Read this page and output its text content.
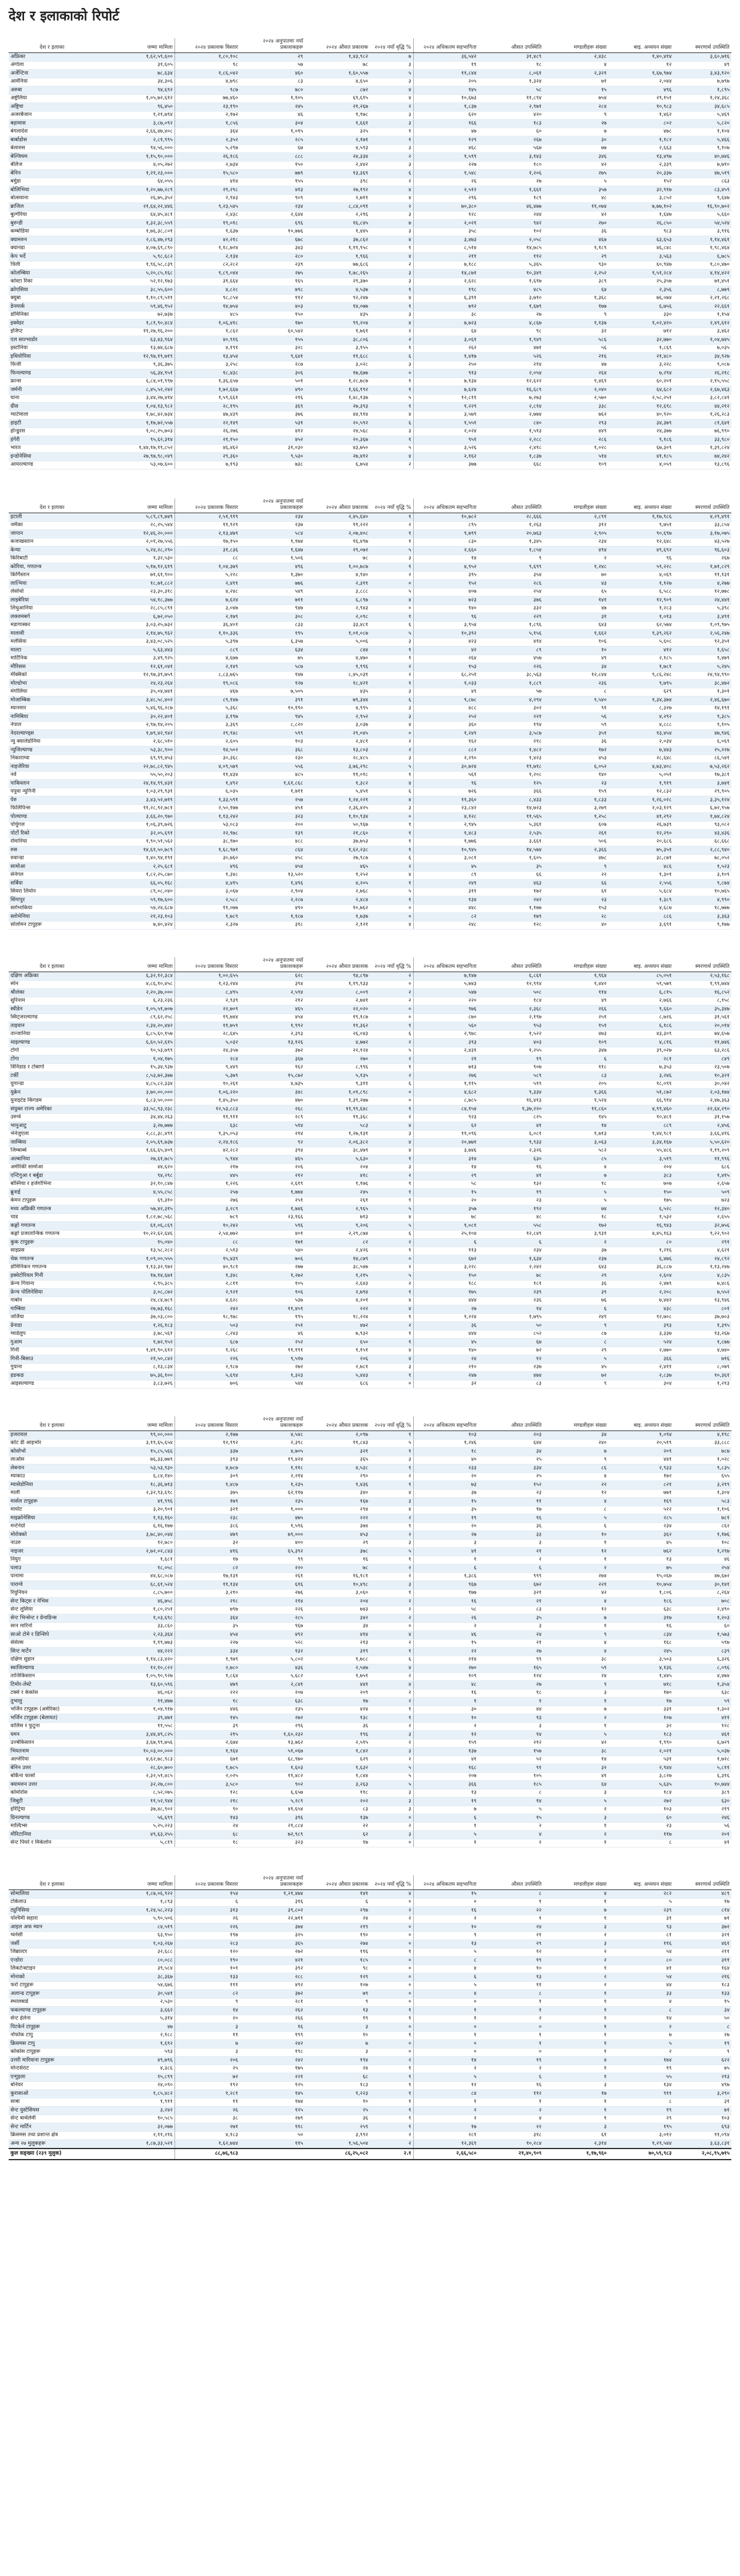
देश र इलाकाको रिपोर्ट
देश र इलाका	जम्मा मामिला	२०२४ प्रकाशक विस्तार	२०२४ अनुपातमा नयाँ प्रकाशकहरू	२०२४ औसत प्रकाशक	२०२४ नयाँ वृद्धि %	२०२४ अधिकतम सहभागिता	औसत उपस्थिति	मण्डलीहरू संख्या	बाइ. अध्ययन संख्या	स्मरणार्थ उपस्थिति
अफ्रिका	१,६२,५९,६००	१,८०,१०८	२९	१,४३,९८२	७	३६,५४२	३१,४८९	२,४३८	१,४०,४१४	३,६०,७१६
अंगोला	३१,६०५	९८	५७	७८	३	१९	१८	४	१२	४९
अर्जेन्टिना	७८,६३४	१,८६,०४२	४६०	१,६०,५५७	५	११,८४४	८,०६१	२,३२१	१,६७,९७४	३,४३,१२०
आर्मेनिया	३४,३०६	४,७९८	८३	४,६५०	३	२०५	१,३२४	७१	२,०४४	७,७९७
अरुबा	९४,६९२	९८७	७८०	८७२	४	१४५	५८	१५	४९६	१,८९५
अष्ट्रेलिया	१,०५,७२,६१२	७७,४६०	१,१०५	६९,६१५	४	१०,६७३	११,८९४	७५४	२९,१५१	१,२४,३६८
अष्ट्रिया	९६,४५०	२३,१९०	२४५	२१,२६७	२	१,८३७	२,९७१	२८४	१०,९८३	३४,६८५
अजरबैजान	१,२१,७९४	२,१७२	४६	१,९७८	३	६२०	४२०	९	१,४६२	५,४६९
बहामास	३,८७,०९२	१,८५६	३०४	१,६६१	३	१६६	१८३	२७	८०२	५,८२०
बंगलादेश	२,६६,४७,४०८	३६४	१,०१५	३२५	१	४७	६०	७	४७८	१,१०४
बार्बाडोस	२,८१,९९५	२,३५२	२८५	२,१७१	१	१२९	२६७	३०	१,१८२	५,४६६
बेलारुस	९४,५६,०००	५,२९७	६७	४,५९३	३	४६८	५६७	७७	२,६६३	९,१०७
बेल्जियम	१,१५,९०,०००	२६,१८६	८८८	२४,३३४	२	१,५९९	३,१४३	३४६	१३,४९७	४०,७४६
बेलिज	४,०५,२७२	२,७३४	१५०	२,४४२	३	२२७	१८०	४२	२,३३९	७,७१०
बेनिन	१,२१,२३,०००	१५,५८०	७७९	१३,३६९	६	१,५४८	१,२०६	२७५	२०,३३७	४७,५१९
बर्मुडा	६४,०५५	४१४	१५५	३९८	२	२६	२७	५	१५२	८६३
बोलिभिया	१,२०,७७,२८९	२९,२९८	४१३	२७,१९२	४	२,५१२	१,६६१	३५७	३२,९१७	८३,४५९
बोत्सवाना	२६,७५,३५२	२,९४३	९०९	२,७११	४	२९६	१८९	४८	३,८५२	९,६४७
ब्राजिल	२१,६४,२२,४४६	९,२३,५४५	२३४	८,८४,०९१	२	७०,३८०	४६,४७७	११,०७४	७,७७,१०२	१६,९०,७०२
बुल्गेरिया	६४,४५,४८१	२,४३८	२,६४४	२,२१६	३	१२८	२४४	४२	१,६४७	५,६६०
बुरुन्डी	१,३२,३८,५५९	१९,०१८	६९६	१६,८४५	७	२,०२१	९४२	२७०	२६,८५०	५४,५२४
कम्बोडिया	१,७६,३८,८०१	१,६३७	१०,७७६	१,४४५	३	३५८	१०२	३६	९८३	३,९१६
क्यामरुन	२,८६,४७,२९३	४२,२१८	६७८	३७,८६२	४	३,४७३	२,०५८	४६७	६३,६५३	१,१४,४६१
क्यानडा	४,०७,६९,८९०	१,१८,७२४	३४३	१,११,९५८	१	८,५१४	१४,७८५	१,१८९	४६,८४८	१,९८,४६४
केप भर्दे	५,९८,६८२	२,१३४	२८०	१,९६६	४	२११	११२	२९	३,५६३	६,७८५
चिली	१,९६,५८,८३९	८२,२८२	२३९	७७,६८६	२	७,१८८	५,३६५	९३०	६०,९४७	१,८०,४७०
कोलम्बिया	५,२०,८५,१६८	१,८९,०४४	२७५	१,७८,२६५	३	१४,८७१	१०,३४९	२,२५२	१,५१,२८४	४,१४,४२२
कोस्टा रिका	५२,१२,१७३	३१,६६४	१६५	२९,३७०	३	२,६२८	१,६१७	३८९	२५,३५७	७१,४५१
क्रोएसिया	३८,५५,६००	४,८२८	७९८	४,५३७	१	१९८	४८५	६४	२,३५६	८,७७९
क्युबा	१,१०,८९,५११	९८,८५४	११२	९२,२४७	४	६,३९१	३,७१०	१,३६८	७६,०७४	२,२१,२६८
डेनमार्क	५९,४६,९५२	१४,७५४	४०३	१४,०७७	१	७९२	१,६७९	१७७	६,७५६	२२,६६१
डोमिनिका	७२,७३७	४८५	१५०	४३५	३	३८	२७	९	३३०	१,१५४
इक्वेडर	१,८१,९०,४८४	१,०६,४१८	१७०	९९,२०४	४	७,७२३	४,८६७	१,१३७	१,०२,४२०	२,४९,६१२
इजिप्ट	११,२७,१६,२००	१,८६२	६०,५४२	१,७६१	२	६४	९८	३२	७१२	३,४६२
एल साल्भाडोर	६३,४३,९६४	४०,९१६	१५५	३८,८०६	२	३,०६१	१,९४९	५८६	३२,७७०	१,०४,७४५
इस्टोनिया	१३,७४,६८७	४,१९१	३२८	३,९५५	१	२६२	४७१	५६	१,८६९	७,०३५
इथियोपिया	१२,९७,१९,७१९	१३,४५४	९,६४१	११,६८८	६	१,४१७	५२६	२१६	२१,४८०	३४,९२७
फिजी	९,३६,३७५	३,२५८	२८७	३,०२८	३	२५०	२१४	४७	३,२२८	९,०८७
फिनल्याण्ड	५६,३४,९५१	१८,४३८	३०६	१७,६७७	०	९१३	२,०५४	२६४	७,२९४	२६,२१८
फ्रान्स	६,८४,०१,९९७	१,३६,६५७	५०१	१,२८,७८७	१	७,१३४	१२,६२२	१,४६९	६०,२०१	२,१५,५५८
जर्मनी	८,४५,५२,२४२	१,७२,६६७	४९०	१,६६,१९२	१	७,६२४	१६,६८९	२,०४०	६४,६८२	२,६७,४६३
घाना	३,४४,२७,४१४	१,५९,६६१	२१६	१,४८,१३७	५	१२,८११	७,२७३	२,५७०	२,५८,२५१	३,८२,८४१
ग्रीस	१,०४,१३,९८२	२८,१९५	३६९	२७,३९३	१	१,२२९	२,८१४	३३८	१२,६९८	४४,२१२
ग्वाटेमाला	१,७८,४२,७३४	४७,४३९	३७६	४४,९१४	४	३,५७९	२,७७४	७६२	४०,९२०	१,२६,२८३
हाइटी	१,१७,७२,५५७	२२,१४९	५३१	२०,५९२	६	१,५५१	८४०	२९३	३४,३७९	८१,६४१
होन्डुरस	१,०८,२५,७०३	२६,२७६	४१२	२४,५६८	३	२,०२४	१,५१३	४४९	२४,३७७	७६,९९०
हंगेरी	९५,६२,३१४	२१,१५०	४५२	२०,३६७	१	९५१	२,२८८	२८६	९,१८६	३३,९८०
भारत	१,४४,१७,१९,८५२	४६,४६२	३१,०३०	४३,७५०	५	३,५२६	२,४१८	१,०२८	६७,३०९	१,३९,८२४
इन्डोनेसिया	२७,९७,९८,०४९	२९,३६०	९,५३०	२७,४१२	४	२,१६२	१,८३७	५१४	४१,१८५	७४,२४२
आयरल्याण्ड	५३,०७,६००	७,१९३	७३८	६,७५४	२	३७७	६६८	१०९	४,०५९	१३,८९६
देश र इलाका	जम्मा मामिला	२०२४ प्रकाशक विस्तार	२०२४ अनुपातमा नयाँ प्रकाशकहरू	२०२४ औसत प्रकाशक	२०२४ नयाँ वृद्धि %	२०२४ अधिकतम सहभागिता	औसत उपस्थिति	मण्डलीहरू संख्या	बाइ. अध्ययन संख्या	स्मरणार्थ उपस्थिति
इटाली	५,८९,८९,७४९	२,५१,९१९	२३४	२,४५,६४०	१	१०,७८२	२८,६६६	२,८९१	१,१७,९८६	४,२९,४९१
जमैका	२८,२५,५४४	११,९२९	२३७	११,२२२	२	८९५	१,२६३	३१२	९,७५१	३३,८५४
जापान	१२,४६,२०,०००	२,१३,४७९	५८४	२,०७,४०८	१	९,७९९	२०,७६३	२,९०५	९०,६९७	३,१७,०७५
कजाखस्तान	२,०१,२७,५५६	१७,१५०	१,१७४	१६,४९७	१	८३०	१,३४५	२३४	१२,६४८	४३,५२७
केन्या	५,२४,२८,२९०	३१,८३६	१,६४७	२९,०७२	५	२,६६०	१,८५४	४९४	४९,६९२	९६,६०३
किरिबाटी	१,३२,५३०	८८	१,५०६	७८	३	१४	९	२	९६	२६७
कोरिया, गणतन्त्र	५,१७,१२,६१९	१,०४,३७९	४९६	१,००,७८७	१	४,९५२	९,६९९	१,२४८	५९,२२८	१,७१,८२९
किर्गिस्तान	७१,६१,९००	५,२२८	१,३७०	४,९४०	२	३९५	३५४	७०	४,०६९	११,१३१
लात्भिया	१८,७१,८८२	२,४११	७७६	२,३११	०	१५२	२८६	४३	१,१२७	४,२७७
लेसोथो	२३,३०,३१८	४,२४८	५४९	३,८८८	५	४०७	२५४	६५	६,५८८	१२,७७८
लाइबेरिया	५४,१८,३७७	७,६२४	७११	६,८९७	४	७२३	३७६	१४१	१२,९०९	२४,४४१
लिथुआनिया	२८,८५,८९१	३,०४७	९४७	२,९४३	०	१४०	३३२	४७	१,२८३	५,३९८
लक्जमबर्ग	६,७२,०५०	२,१७९	३०८	२,०९८	१	९६	२२९	३१	१,०१३	३,४९१
मडागास्कर	३,०३,२५,७३२	३६,४०१	८३३	३३,४८१	६	३,९५४	१,८९६	६४३	६२,५७४	१,०९,९७५
मालावी	२,१४,७५,९६२	१,१०,३३६	१९५	१,०१,०८७	५	१०,३९२	५,१५६	१,६६२	१,३९,२६२	२,५६,२४७
मलेसिया	३,४३,०८,५२५	५,३९७	६,३५७	५,००६	३	४२३	४१४	१०६	५,६०८	१२,३५१
माल्टा	५,६३,४४३	८८९	६३४	८४४	१	४२	८९	१०	४१२	१,६५८
मार्टिनिक	३,४९,९२५	४,६७७	७५	४,४७०	१	२६४	४५७	४९	२,१८५	९,४७९
मौरिसस	१२,६१,०४१	२,१४९	५८७	१,९९६	२	१५३	२२६	३४	१,७८१	५,२४५
मेक्सिको	१२,९७,३९,७५९	८,८३,७६५	१४७	८,४५,०३१	२	६८,२५१	३८,५६३	१२,८४४	९,८६,२४८	२४,९४,९९०
मोल्डोभा	२४,२३,२६४	१९,०८६	१२७	१८,४२१	१	१,०३३	१,८८९	२३६	९,७९५	३८,४७२
मंगोलिया	३५,०४,७४१	४६७	७,५०५	४३५	३	४९	५७	८	६२९	१,३०१
मोजाम्बिक	३,४८,५८,४०२	८९,१४७	३९१	७९,३४४	६	९,८७८	४,२९४	१,५४०	१,३४,३७४	२,४६,६७०
म्यानमार	५,४६,९६,२८७	५,३६८	१०,१९०	४,९९५	३	४८८	३०२	९१	८,३२७	१४,१९१
नामिबिया	३०,२२,४०१	३,१९७	९४५	२,९५२	३	२५२	२२१	५६	४,२९२	९,३८५
नेपाल	२,९७,१४,२०५	३,३६९	८,८२०	३,०३७	४	३६०	१९४	५९	४,८८८	९,१०५
नेदरल्याण्ड्स	१,७९,४२,९४२	२९,९४८	५९९	२९,०४५	०	१,२४९	३,५८७	३५१	१३,४५४	४७,९४६
न्यु क्यालेडोनिया	२,६८,५१०	२,६०५	१०३	२,४८१	२	१६२	२१८	३६	२,०३४	६,०६९
न्युजिल्याण्ड	५३,३८,९००	१४,५०२	३६८	१३,८०३	२	८८२	१,४८२	१७२	७,४४३	२५,२२७
निकाराग्वा	६९,९९,४५३	३०,३६८	२३०	२८,४८५	३	२,२९०	१,४२३	४५३	२८,६४८	८६,५४१
नाइजेरिया	२२,७८,८२,९४५	४,०९,५७९	५५६	३,७६,२९८	५	३०,७२४	१९,७१८	६,०५२	४,७३,४०८	७,५३,२६२
नर्वे	५५,५०,२०३	११,४३४	४८५	११,०१८	१	५६१	१,२०८	१४०	५,०५१	१७,३८१
पाकिस्तान	२४,१४,९९,४३१	१,४९२	१,६१,८६८	१,३८२	४	९६	१२५	२३	१,९१९	३,७४१
पपुवा न्युगिनी	१,०३,२९,९३१	६,०३५	१,७११	५,४५१	६	७२६	३६६	१५९	१२,८३२	२९,९०५
पेरु	३,४३,५२,७१९	१,३३,५९१	२५७	१,२४,२२१	४	११,३६०	८,४३३	१,८३३	१,२६,०२८	३,३५,१२४
फिलिपिन्स	११,२८,९२,७८१	२,५०,१७७	४५१	२,३६,४२५	३	२३,८४२	१४,७२३	३,२७९	२,०३,१२९	६,७२,९५७
पोल्याण्ड	३,६६,२०,९७०	१,१३,२४२	३२३	१,१०,९३४	०	४,१२८	११,५६५	१,२५८	४१,२९२	१,७४,८२४
पोर्चुगल	१,०६,३९,७२६	५३,०८३	२००	५०,९६७	१	२,९४५	५,३६१	६०७	२६,७३९	९३,०८२
पोर्टो रिको	३२,०५,६९१	२२,९७८	१३९	२१,८६०	१	१,४८३	२,५३५	२६१	१२,२९०	४३,४३६
रोमानिया	१,९०,५१,५६२	३८,९७०	४८८	३७,७५३	१	१,७७६	३,६६१	५०६	२०,६८६	६८,६६८
रुस	१४,६१,५०,७८९	१,६८,९७१	८६४	१,६२,२३८	१	१०,९४५	१४,५७४	२,३६६	७५,३५१	२,८८,९४०
रुवान्डा	१,४०,९४,१९१	३०,७६०	४५८	२७,९८७	६	३,०८१	१,६०५	४७८	३८,८७१	७८,०५२
सामोआ	२,२५,६८१	४९६	४५४	४६५	२	४५	३५	९	४८६	१,५२३
सेनेगल	१,८२,२५,८७०	१,३४८	१३,५२०	१,२५२	४	८९	६६	२२	१,३०१	३,१०९
सर्बिया	६६,०५,१६८	४,४१५	१,४९६	४,२०५	१	२४९	४६३	६६	२,५५६	९,८७४
सियरा लियोन	८९,०८,०४०	३,०६७	२,९०४	२,७६८	५	३११	१७२	६१	५,६८४	१०,७६५
सिंगापुर	५९,१७,६००	२,५८८	२,२८७	२,४८४	१	१३४	२४२	२३	१,३८९	४,९९०
स्लोभाकिया	५४,२४,६८७	११,०७७	४९०	१०,७६२	०	४४८	१,१७७	१५३	४,६८७	१८,७७७
स्लोभेनिया	२१,२३,१०३	१,७८९	१,१८७	१,७३७	०	८२	१७९	२८	८८६	३,३६३
सोलोमन टापुहरू	७,४०,४२४	२,३२७	३१८	२,१२१	४	२४८	१२८	४०	३,६९१	९,१७७
देश र इलाका	जम्मा मामिला	२०२४ प्रकाशक विस्तार	२०२४ अनुपातमा नयाँ प्रकाशकहरू	२०२४ औसत प्रकाशक	२०२४ नयाँ वृद्धि %	२०२४ अधिकतम सहभागिता	औसत उपस्थिति	मण्डलीहरू संख्या	बाइ. अध्ययन संख्या	स्मरणार्थ उपस्थिति
दक्षिण अफ्रिका	६,३२,१२,३८४	१,००,६५५	६२८	९४,८९७	२	७,१४७	६,८६१	१,९६४	८५,०५१	२,५३,१६८
स्पेन	४,८६,१०,४५८	१,२३,२४४	३९४	१,१९,९३३	०	५,७४३	१२,९१४	१,४४२	५९,५७९	१,९९,७४४
श्रीलंका	२,२०,३७,०००	८,४९५	२,५९४	८,००९	२	५४७	५०८	११४	६,८१५	१६,८५२
सुरिनाम	६,२३,२३६	२,९३९	२१२	२,७४१	२	२२०	१८४	४९	२,७६६	८,१५८
स्वीडेन	१,०५,५१,७०७	२२,७०९	४६५	२२,०२०	०	९७६	२,३६८	२६६	९,६६०	३५,३४७
स्विट्जरल्याण्ड	८९,६२,२५८	१९,७४४	४५४	१९,१८७	०	८७०	२,१९७	२५१	८,७२६	३१,५६१
ताइवान	२,३४,२०,४४२	११,७५९	१,९९२	११,३६२	१	५६०	९५३	१५१	६,१८६	२०,०१४
तान्जानिया	६,८५,६०,१५७	२८,६४५	२,३९३	२६,०४३	६	२,९७८	१,५२२	४७३	४३,३०९	७४,६५७
थाइल्याण्ड	६,६०,५२,६१५	५,०३२	१३,१२६	४,७७२	२	३९३	४०३	१०९	४,८१६	११,७४६
टोगो	९०,५३,७९९	२४,३५७	३७२	२२,१२४	५	२,४३१	१,२५५	३४७	३९,०२७	६३,२८६
टोंगा	१,०४,१७५	२८४	३६७	२७०	२	२१	१९	६	२८१	८४९
त्रिनिडाड र टोबागो	१५,३४,९३७	९,४४९	१६२	८,९९६	१	७१३	९०७	११८	७,३५३	२३,५०७
टर्की	८,५३,७२,३७७	५,३७९	१५,८७२	५,१३५	२	२७६	५८९	८३	३,२४६	१०,३२१
युगान्डा	४,८५,८२,३३४	१०,२६१	४,७३५	९,३११	६	१,११५	५१९	२०५	१८,०९९	३०,०४२
युक्रेन	३,७०,००,०००	१,०६,२२०	३४८	१,०१,८९८	०	४,६८२	९,३३४	१,३६६	५१,८७२	२,०३,१७४
युनाइटेड किंगडम	६,८३,५०,०००	१,४५,३५०	४७०	१,३९,२७७	०	८,७८५	१६,४१३	१,५२४	६६,९१४	२,४७,३६३
संयुक्त राज्य अमेरिका	३३,५८,९३,२३८	१२,५३,८८३	२६८	११,९९,६४८	१	८४,१५४	१,३७,२२०	११,८६०	४,९९,४६०	२२,६४,२९०
उरुग्वे	३४,४४,२६३	११,९११	२८९	११,३६८	२	९२३	८२५	१४५	१०,४८१	३१,१५७
भानुआटु	३,२७,७७७	६३८	५१४	५८३	४	६२	४१	१४	८८९	२,४५६
भेनेजुएला	२,८८,३८,४९९	१,३५,०५३	२१४	१,२७,१३१	३	११,०९६	६,०८१	१,७१३	१,४४,९८१	३,६६,४१६
जाम्बिया	२,०५,६९,७३७	२,२४,१८६	९२	२,०६,३८२	४	२०,७७१	९,९३३	३,०६३	३,३४,१६७	५,५०,६२०
जिम्बाब्वे	१,६६,६५,४०९	४२,२८२	३९४	३८,४७९	४	३,७४६	२,३२६	५८२	५५,४८६	१,१९,२०९
अल्बानिया	२७,६१,७८५	५,९४४	४६५	५,६३०	१	३१४	६३०	८५	३,५१९	११,९९६
अमेरिकी सामोआ	४४,६२०	२१७	२०६	२०४	३	१४	१६	४	२०४	६८६
एन्टिगुआ र बर्बुडा	९४,२९८	४४५	२१२	४१८	२	२९	४१	७	३८३	१,४१५
बोस्निया र हर्जगोभिना	३२,१०,८४७	१,२२६	२,६१९	१,१७६	१	५८	१३२	१८	७०७	२,६५७
ब्रुनाई	४,५५,८५८	२५७	१,७७४	२४५	१	१५	१९	५	१५०	५०९
केमन टापुहरू	६९,३१०	२७६	२५१	२६१	१	२०	२३	५	१७५	७२३
मध्य अफ्रिकी गणतन्त्र	५७,४२,३१५	३,२८९	१,७४६	२,९६५	५	३५७	१९२	७४	६,५२८	१२,३४०
चाड	१,८२,७८,५६८	७८९	२३,१६६	७१३	४	७८	४८	१८	१,५३२	२,६५५
कङ्गो गणतन्त्र	६१,०६,८६९	१०,२४२	५९६	९,२०६	५	१,०८१	५५८	१७२	१६,९४३	३२,७५६
कङ्गो प्रजातान्त्रिक गणतन्त्र	१०,२२,६२,६४६	२,५४,७७२	४०१	२,२९,८७४	६	२५,१०४	१२,८४९	३,९३१	४,४५,१६३	९,२२,९०२
कुक टापुहरू	१५,०४०	८८	१७१	८२	२	६	६	२	८०	२९१
साइप्रस	१३,५८,२८२	२,५१३	५४०	२,४२६	१	११३	२३४	३७	१,२१६	४,६२१
चेक गणतन्त्र	१,०९,००,५५५	१५,४३९	७०६	१४,८७९	०	६७२	१,६३४	२३७	६,४७६	२४,८९२
डोमिनिकन गणतन्त्र	१,१३,३२,९७२	४०,९८१	२७७	३८,५४७	२	३,२२८	२,२४२	६४३	३६,८८७	१,१३,२४७
इक्वेटोरियल गिनी	१७,१४,६७१	१,३४८	१,२७२	१,२१५	५	१५०	७८	२९	२,६०४	४,८३५
फ्रेन्च गियाना	२,९५,३८५	२,८११	१०५	२,६४३	२	१८८	१८१	३६	२,४७९	७,४८६
फ्रेन्च पोलिनेसिया	३,०८,८७२	२,९२१	१०६	२,७९४	१	१७५	२३९	३९	२,२०८	७,५५२
गाबोन	२४,८४,७८९	४,६२८	५३७	४,२०१	४	४४४	२३६	७६	७,४४२	१३,९४६
गाम्बिया	२७,७३,१६८	२४२	११,४५९	२२२	४	२७	१४	६	४३८	८०१
जर्जिया	३७,०३,८००	१८,९७८	१९५	१८,२२४	१	१,२२४	१,७९५	२४९	१२,७०८	३७,७०३
ग्रेनाडा	१,२६,१८३	५०३	२५१	४७२	२	३६	५०	९	३९३	१,३९५
ग्वाडेलुप	३,७८,५६१	८,२४३	४६	७,९३२	१	४४४	८५२	८७	३,३३७	१३,२६७
गुआम	१,७२,९५२	६८७	२५२	६५०	१	४५	६७	८	५२४	१,८७७
गिनी	१,४१,९०,६१२	१,२६८	११,१९१	१,१५१	४	१४०	७२	२९	२,७७०	४,७४०
गिनी-बिसाउ	२१,५०,८४२	२२६	९,५१७	२०६	४	२४	१२	५	३६६	७१६
गुयाना	८,१३,८३४	२,९८७	२७२	२,७८१	३	२१०	२३७	४५	२,४११	८,०७९
हङकङ	७५,३६,१००	५,६९४	१,३२३	५,४४३	१	२४७	४७४	७२	२,८३७	१०,३६१
आइसल्याण्ड	३,८३,७२६	७०६	५४४	६८६	०	३२	८३	९	३०४	१,२१३
देश र इलाका	जम्मा मामिला	२०२४ प्रकाशक विस्तार	२०२४ अनुपातमा नयाँ प्रकाशकहरू	२०२४ औसत प्रकाशक	२०२४ नयाँ वृद्धि %	२०२४ अधिकतम सहभागिता	औसत उपस्थिति	मण्डलीहरू संख्या	बाइ. अध्ययन संख्या	स्मरणार्थ उपस्थिति
इजरायल	९९,००,०००	२,१७७	४,५४८	२,०९७	१	१०३	२०३	३४	१,०९४	४,१९८
कोट डी आइभोर	३,११,६५,६५४	१२,९९२	२,३९८	११,८४३	५	१,२४६	६४४	२४०	२०,५१९	३३,८८८
कोसोभो	१५,८५,५६६	३३७	४,७०५	३२१	१	१८	३४	७	२०९	७८७
लाओस	७६,३३,७७९	३९३	१९,४२४	३६५	३	४०	२५	९	४४१	१,०२८
लेबनान	५३,५३,९३०	४,७८७	१,११८	४,५३८	१	२३३	३३४	८६	२,९३३	९,८३५
म्याकाउ	६,८४,१४०	३०९	२,२१४	२९०	२	२०	२५	४	१७२	६५५
म्यासेडोनिया	१८,३६,७१३	१,४८७	१,२३५	१,४३६	१	७३	१५२	२२	८२१	३,२१९
माली	२,३२,९३,६९८	३७५	६२,११७	३४०	४	३७	२३	१२	७७१	१,३०४
मार्सल टापुहरू	४१,९९६	१७९	२३५	१६७	३	१५	११	४	१६९	५८३
मायोट	३,२०,९०१	३२१	१,०००	२९४	४	३५	१७	८	५२२	१,१०६
माइक्रोनेसिया	१,१३,१६०	२३८	४७५	२२२	२	१९	१६	५	२८५	७८१
मन्टेनेग्रो	६,१६,१७७	३८६	१,५९६	३७४	१	२०	३६	६	२३४	८६२
मोरोक्को	३,७८,४०,०४४	४७९	७९,०००	४५३	२	२७	३३	१०	३६२	१,१७६
नाउरु	१२,७८०	३२	४००	२९	३	३	३	१	४५	१०८
नाइजर	२,७२,०२,८४३	४१६	६५,३९२	३७८	५	४१	२१	१२	७६२	१,२९७
नियुए	१,६८१	१७	९९	१६	१	१	२	१	१३	४६
पलाउ	१८,०५८	८२	२२०	७८	२	६	६	२	७५	२५४
पानामा	४४,६८,०८७	१७,१३१	२६१	१६,१८१	२	१,३८६	९९९	२७४	१५,०६७	४७,६७२
पाराग्वे	६८,६१,५२४	११,१३४	६१६	१०,४९८	३	९६७	६७२	२२१	१०,७५४	३०,१४१
रियुनियन	८,८५,७००	३,२१०	२७६	३,०६०	१	१७७	३२१	४२	१,८०६	८,२६४
सेन्ट किट्स र नेभिस	४६,७५८	२१८	२१४	२०४	२	१६	२१	४	१८६	७०८
सेन्ट लुसिया	१,८०,२५१	७९७	२२६	७४३	२	५८	८३	१२	६३८	२,४९०
सेन्ट भिन्सेन्ट र ग्रेनाडिन्स	१,०३,६९८	३६४	२८५	३४२	२	२६	३५	७	३१७	१,२०३
सान मारिनो	३३,८६०	३५	९६७	३४	०	२	३	१	१६	६०
साओ टोमे र प्रिन्सिपे	२,२३,३६४	४५४	४९२	४१४	४	४६	२४	९	८३४	१,५७३
सेसेल्स	१,१९,७७३	२२७	५२८	२१३	२	१५	२१	४	१६८	५९७
सिन्ट मार्टेन	४४,२२२	३३४	१३२	३१९	१	२२	२७	४	२४५	८३९
दक्षिण सुडान	१,१४,८३,४२०	१,९७९	५,८०२	१,७८८	६	२१४	९९	३८	३,५०३	६,३२६
स्वाजिल्याण्ड	१२,१०,८२२	२,७८०	४३६	२,५४७	४	२७०	१६५	५९	४,१३६	८,०९६
ताजिकिस्तान	१,०५,९०,९२७	१,८६४	५,६८२	१,७५१	२	१०९	१२४	२४	१,४४५	४,४७४
टिमोर-लेस्टे	१३,६०,५९६	४७९	२,८४१	४४१	४	४८	२७	९	७१८	१,३५४
टर्क्स र केकोस	४६,०६२	२२२	२०७	२०९	२	१६	१८	३	१७०	६३८
तुभालु	११,४७७	१८	६३८	१७	२	१	१	१	१७	५९
भर्जिन टापुहरू (अमेरिका)	१,०४,९१७	४४६	२३५	४२४	१	३०	४४	७	३३१	१,३०२
भर्जिन टापुहरू (बेलायत)	३९,४७१	१४५	२७२	१३८	१	१०	१३	२	१०७	४११
वालिस र फुटुना	११,५५८	३९	२९६	३६	२	२	३	१	३२	१२८
यमन	३,४४,४९,८२५	२१५	१,६०,२३२	१९६	३	१२	१४	५	१८३	४६१
उज्बेकिस्तान	३,६७,९९,७५६	२,६७४	१३,७६२	२,५१५	२	१५९	२१२	४२	१,९९०	६,७२९
भियतनाम	१०,०३,००,०००	१,९६४	५१,०६७	१,८४२	३	१३७	१५७	३८	२,०२१	५,०३७
अल्जेरिया	४,६२,७८,९८३	६७१	६८,९७०	६२९	२	४१	५२	१४	५३१	१,७२८
बेनिन उत्तर	२८,६०,७००	१,७८५	१,६०३	१,६३२	५	१६८	९१	३२	२,९४४	५,८११
बर्किना फासो	२,३२,५१,४८५	२,०२५	११,४८२	१,८४४	५	२०७	१०५	४१	३,८२७	६,३१६
क्यामरुन उत्तर	३२,२७,८००	३,५८०	९०२	३,२६३	५	३६६	१८५	६४	५,६३५	१०,७४४
कोमोरोस	८,५२,०७५	१२८	६,६५७	११८	३	१३	८	३	१८४	३८९
जिबुटी	११,५२,९४४	२१८	५,२८९	२०२	३	१९	१४	५	२७२	६३०
इरिट्रिया	३७,४८,९०२	९०	४१,६५४	८३	३	७	५	२	१०३	२१९
ग्रिनल्याण्ड	५६,६९९	१४३	३९६	१३७	०	६	१५	३	६०	२४६
माल्दिभ्स	५,२५,२२३	२४	२१,८८४	२२	२	१	२	१	२३	५६
मौरिटानिया	४९,६३,२५५	६८	७२,९८९	६२	३	५	४	२	११७	२०१
सेन्ट पियरे र मिकेलोन	५,८१९	१८	३२३	१७	०	१	२	१	८	४१
देश र इलाका	जम्मा मामिला	२०२४ प्रकाशक विस्तार	२०२४ अनुपातमा नयाँ प्रकाशकहरू	२०२४ औसत प्रकाशक	२०२४ नयाँ वृद्धि %	२०२४ अधिकतम सहभागिता	औसत उपस्थिति	मण्डलीहरू संख्या	बाइ. अध्ययन संख्या	स्मरणार्थ उपस्थिति
सोमालिया	१,८७,०६,९२२	१५४	१,२१,४७४	१४१	४	१५	८	४	२८२	४८९
टोकेलाउ	१,८९३	६	३१६	६	०	०	१	१	५	१७
ट्युनिसिया	१,२४,५८,२२३	३१३	३९,८०२	२९७	२	१६	२२	७	२३९	८१४
पश्चिमी सहारा	५,९०,५०६	२६	२२,७११	२४	२	२	१	१	३१	७१
आइल अफ म्यान	८४,५१९	२२६	३७४	२१९	०	१०	२४	३	९३	३७२
ग्वर्नसी	६३,९५०	१९७	३२५	१९०	०	९	२१	२	८१	३२१
जर्सी	१,०३,२६७	२८३	३६५	२७४	०	१३	२९	३	११६	४६१
जिब्राल्टर	३२,६८८	१२०	२७२	११६	१	५	१२	२	५४	२११
एन्डोरा	८०,०८८	१९०	४२१	१८५	०	८	१९	२	८०	३११
लिकटेन्स्टाइन	३९,५८४	१०१	३९२	९८	०	४	१०	१	४१	१६४
मोनाको	३८,३६७	१३३	२८८	१२९	०	६	१३	२	५४	२१६
फरो टापुहरू	५४,६७६	१११	४९२	१०७	०	५	११	२	४४	१८३
अलान्ड टापुहरू	३०,५४१	८२	३७२	७९	०	४	८	१	३३	१३३
स्भालबार्ड	२,५३०	९	२८१	९	०	०	१	१	४	१५
फकल्याण्ड टापुहरू	३,६६२	१४	२६२	१३	१	१	१	१	८	३४
सेन्ट हेलेना	५,३१४	२०	२६६	१९	१	१	२	१	१४	५०
पिटकेर्न टापुहरू	४७	३	१६	३	०	०	०	१	२	८
नोर्फोक टापु	२,१८८	११	१९९	१०	१	१	१	१	७	२७
क्रिसमस टापु	१,६९२	७	२४२	७	०	०	१	१	५	१९
कोकोस टापुहरू	५९३	३	१९८	३	०	०	०	१	२	९
उत्तरी मारियाना टापुहरू	४९,७९६	२०६	२४२	१९४	२	१४	१९	४	१७४	६२२
मोन्टसेराट	४,३८६	२५	१७५	२४	१	२	२	१	१९	७५
एन्गुइला	१५,८९९	७२	२२१	६८	१	५	६	१	५५	२१३
बोनेयर	२४,०९०	१९२	१२५	१८३	१	१२	१६	३	१३४	४९७
कुरासाओ	१,८५,४८२	१,२८१	१४५	१,२२३	१	८४	११२	१७	९११	३,२९०
साबा	१,९११	११	१७४	१०	१	१	१	१	८	३१
सेन्ट युस्टेसियस	३,२४२	२६	१२५	२५	१	२	२	१	१९	७१
सेन्ट बार्थेलेमी	१०,५८५	३८	२७९	३६	१	२	४	१	२९	१०३
सेन्ट मार्टिन	३२,०७७	२७१	११८	२५९	१	१७	२२	३	१९५	६९३
क्रिसमस तथा प्रशान्त क्षेत्र	२,११,२१६	४,१८३	५०	३,९९२	२	२८१	३१८	६१	३,०१२	११,०९४
अन्य २७ मुलुकहरू	१,८७,३३,५२१	१,६२,७४४	११५	१,५६,५०४	२	१२,३६९	१०,२८४	२,३१४	१,२९,५४४	३,६३,८३१
कुल सङ्ख्या (२३९ मुलुक)		८८,७६,९८३		८६,२५,०८२	२.१	२,६६,५८०	२१,४०,९०९	१,१७,९६०	७०,५९,९८३	२,०८,९५,७१५
